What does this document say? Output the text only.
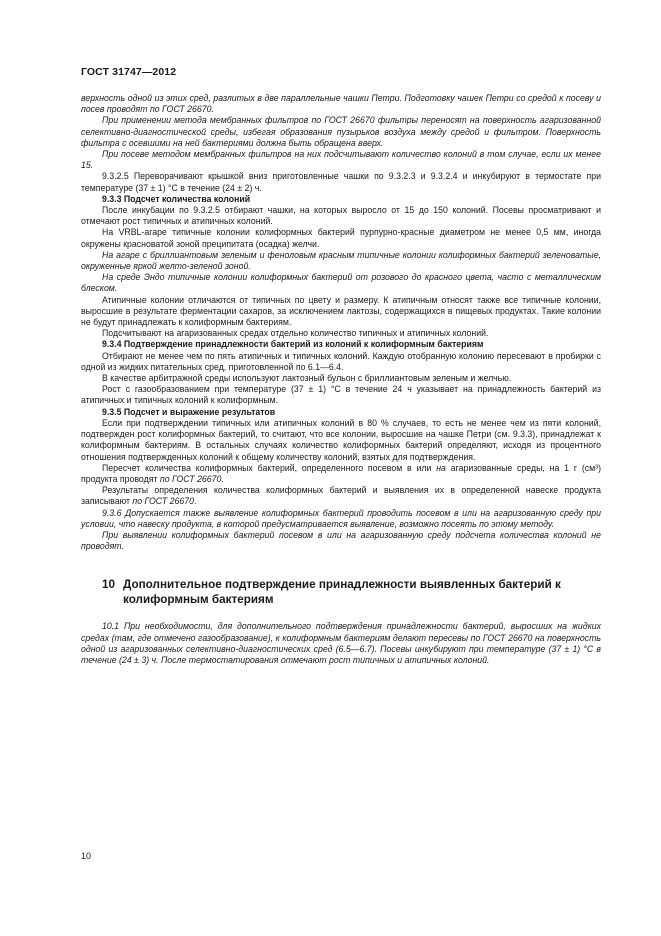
ГОСТ 31747—2012

верхность одной из этих сред, разлитых в две параллельные чашки Петри. Подготовку чашек Петри со средой к посеву и посев проводят по ГОСТ 26670.

При применении метода мембранных фильтров по ГОСТ 26670 фильтры переносят на поверхность агаризованной селективно-диагностической среды, избегая образования пузырьков воздуха между средой и фильтром. Поверхность фильтра с осевшими на ней бактериями должна быть обращена вверх.

При посеве методом мембранных фильтров на них подсчитывают количество колоний в том случае, если их менее 15.

9.3.2.5 Переворачивают крышкой вниз приготовленные чашки по 9.3.2.3 и 9.3.2.4 и инкубируют в термостате при температуре (37 ± 1) °С в течение (24 ± 2) ч.

9.3.3 Подсчет количества колоний

После инкубации по 9.3.2.5 отбирают чашки, на которых выросло от 15 до 150 колоний. Посевы просматривают и отмечают рост типичных и атипичных колоний.

На VRBL-агаре типичные колонии колиформных бактерий пурпурно-красные диаметром не менее 0,5 мм, иногда окружены красноватой зоной преципитата (осадка) желчи.

На агаре с бриллиантовым зеленым и феноловым красным типичные колонии колиформных бактерий зеленоватые, окруженные яркой желто-зеленой зоной.

На среде Эндо типичные колонии колиформных бактерий от розового до красного цвета, часто с металлическим блеском.

Атипичные колонии отличаются от типичных по цвету и размеру. К атипичным относят также все типичные колонии, выросшие в результате ферментации сахаров, за исключением лактозы, содержащихся в пищевых продуктах. Такие колонии не будут принадлежать к колиформным бактериям.

Подсчитывают на агаризованных средах отдельно количество типичных и атипичных колоний.

9.3.4 Подтверждение принадлежности бактерий из колоний к колиформным бактериям

Отбирают не менее чем по пять атипичных и типичных колоний. Каждую отобранную колонию пересевают в пробирки с одной из жидких питательных сред, приготовленной по 6.1—6.4.

В качестве арбитражной среды используют лактозный бульон с бриллиантовым зеленым и желчью.

Рост с газообразованием при температуре (37 ± 1) °С в течение 24 ч указывает на принадлежность бактерий из атипичных и типичных колоний к колиформным.

9.3.5 Подсчет и выражение результатов

Если при подтверждении типичных или атипичных колоний в 80 % случаев, то есть не менее чем из пяти колоний, подтвержден рост колиформных бактерий, то считают, что все колонии, выросшие на чашке Петри (см. 9.3.3), принадлежат к колиформным бактериям. В остальных случаях количество колиформных бактерий определяют, исходя из процентного отношения подтвержденных колоний к общему количеству колоний, взятых для подтверждения.

Пересчет количества колиформных бактерий, определенного посевом в или на агаризованные среды, на 1 г (см³) продукта проводят по ГОСТ 26670.

Результаты определения количества колиформных бактерий и выявления их в определенной навеске продукта записывают по ГОСТ 26670.

9.3.6 Допускается также выявление колиформных бактерий проводить посевом в или на агаризованную среду при условии, что навеску продукта, в которой предусматривается выявление, возможно посеять по этому методу.

При выявлении колиформных бактерий посевом в или на агаризованную среду подсчета количества колоний не проводят.

10 Дополнительное подтверждение принадлежности выявленных бактерий к колиформным бактериям

10.1 При необходимости, для дополнительного подтверждения принадлежности бактерий, выросших на жидких средах (там, где отмечено газообразование), к колиформным бактериям делают пересевы по ГОСТ 26670 на поверхность одной из агаризованных селективно-диагностических сред (6.5—6.7). Посевы инкубируют при температуре (37 ± 1) °С в течение (24 ± 3) ч. После термостатирования отмечают рост типичных и атипичных колоний.

10
